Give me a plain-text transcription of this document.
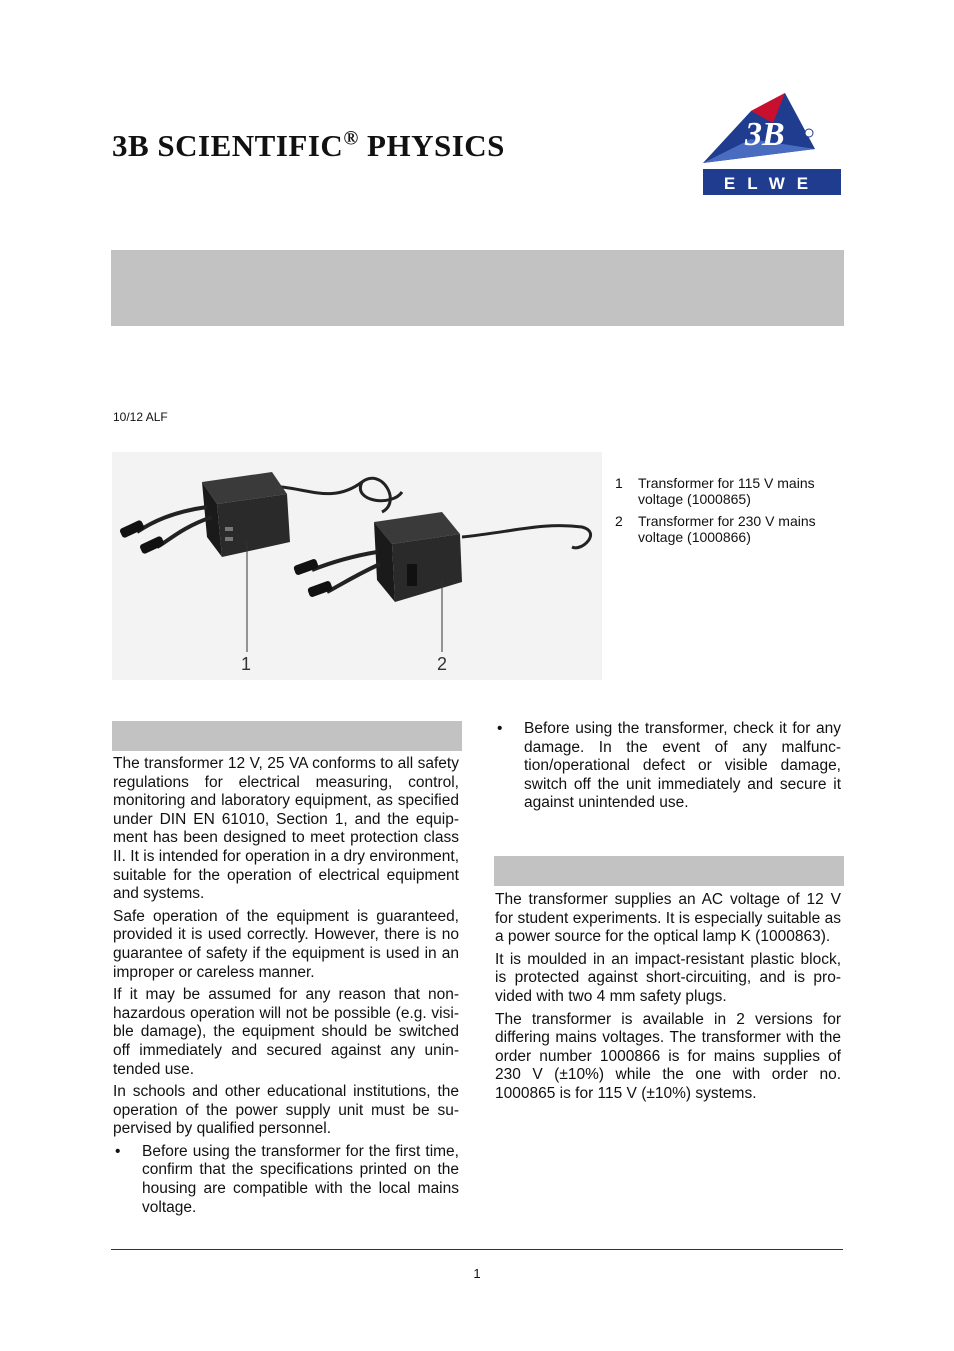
3B SCIENTIFIC® PHYSICS	3B
ELWE
10/12 ALF
1	2
1	Transformer for 115 V mains voltage (1000865)
2	Transformer for 230 V mains voltage (1000866)

The transformer 12 V, 25 VA conforms to all safety regulations for electrical measuring, control, monitoring and laboratory equipment, as specified under DIN EN 61010, Section 1, and the equipment has been designed to meet protection class II. It is intended for operation in a dry environment, suitable for the operation of electrical equipment and systems.

Safe operation of the equipment is guaranteed, provided it is used correctly. However, there is no guarantee of safety if the equipment is used in an improper or careless manner.

If it may be assumed for any reason that non-hazardous operation will not be possible (e.g. visible damage), the equipment should be switched off immediately and secured against any unintended use.

In schools and other educational institutions, the operation of the power supply unit must be supervised by qualified personnel.

•	Before using the transformer for the first time, confirm that the specifications printed on the housing are compatible with the local mains voltage.
•	Before using the transformer, check it for any damage. In the event of any malfunction/operational defect or visible damage, switch off the unit immediately and secure it against unintended use.

The transformer supplies an AC voltage of 12 V for student experiments. It is especially suitable as a power source for the optical lamp K (1000863).

It is moulded in an impact-resistant plastic block, is protected against short-circuiting, and is provided with two 4 mm safety plugs.

The transformer is available in 2 versions for differing mains voltages. The transformer with the order number 1000866 is for mains supplies of 230 V (±10%) while the one with order no. 1000865 is for 115 V (±10%) systems.

1
